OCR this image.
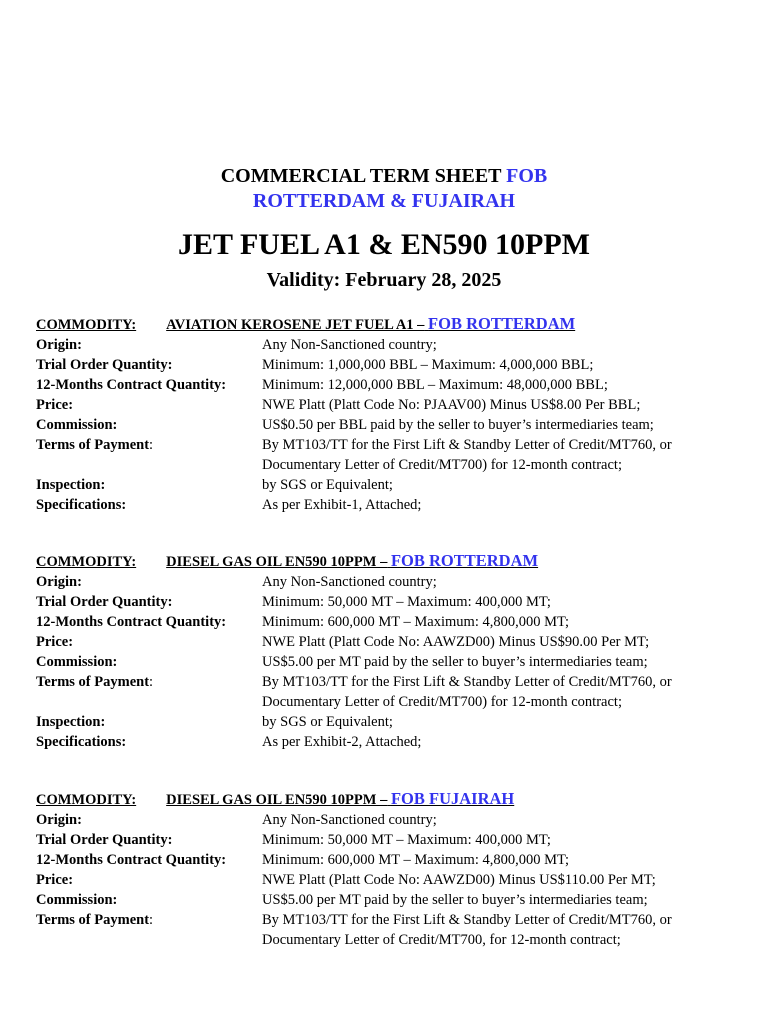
COMMERCIAL TERM SHEET FOB
ROTTERDAM & FUJAIRAH
JET FUEL A1 & EN590 10PPM
Validity: February 28, 2025
COMMODITY: AVIATION KEROSENE JET FUEL A1 – FOB ROTTERDAM
Origin:	Any Non-Sanctioned country;
Trial Order Quantity:	Minimum: 1,000,000 BBL – Maximum: 4,000,000 BBL;
12-Months Contract Quantity:	Minimum: 12,000,000 BBL – Maximum: 48,000,000 BBL;
Price:	NWE Platt (Platt Code No: PJAAV00) Minus US$8.00 Per BBL;
Commission:	US$0.50 per BBL paid by the seller to buyer’s intermediaries team;
Terms of Payment:	By MT103/TT for the First Lift & Standby Letter of Credit/MT760, or
Documentary Letter of Credit/MT700) for 12-month contract;
Inspection:	by SGS or Equivalent;
Specifications:	As per Exhibit-1, Attached;
COMMODITY: DIESEL GAS OIL EN590 10PPM – FOB ROTTERDAM
Origin:	Any Non-Sanctioned country;
Trial Order Quantity:	Minimum: 50,000 MT – Maximum: 400,000 MT;
12-Months Contract Quantity:	Minimum: 600,000 MT – Maximum: 4,800,000 MT;
Price:	NWE Platt (Platt Code No: AAWZD00) Minus US$90.00 Per MT;
Commission:	US$5.00 per MT paid by the seller to buyer’s intermediaries team;
Terms of Payment:	By MT103/TT for the First Lift & Standby Letter of Credit/MT760, or
Documentary Letter of Credit/MT700) for 12-month contract;
Inspection:	by SGS or Equivalent;
Specifications:	As per Exhibit-2, Attached;
COMMODITY: DIESEL GAS OIL EN590 10PPM – FOB FUJAIRAH
Origin:	Any Non-Sanctioned country;
Trial Order Quantity:	Minimum: 50,000 MT – Maximum: 400,000 MT;
12-Months Contract Quantity:	Minimum: 600,000 MT – Maximum: 4,800,000 MT;
Price:	NWE Platt (Platt Code No: AAWZD00) Minus US$110.00 Per MT;
Commission:	US$5.00 per MT paid by the seller to buyer’s intermediaries team;
Terms of Payment:	By MT103/TT for the First Lift & Standby Letter of Credit/MT760, or
Documentary Letter of Credit/MT700, for 12-month contract;
